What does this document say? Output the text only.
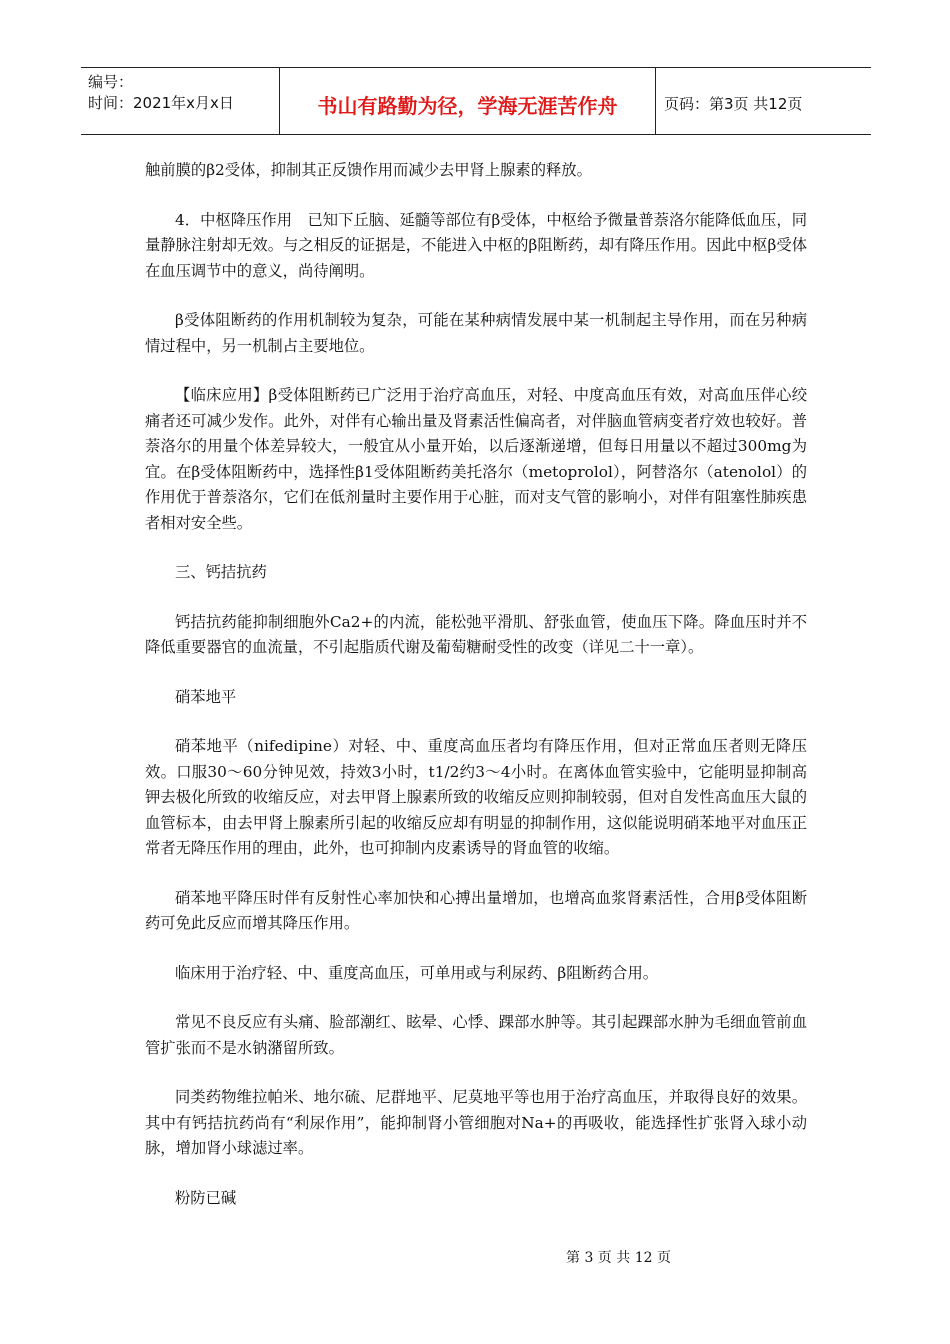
编号：
时间：2021年x月x日	书山有路勤为径，学海无涯苦作舟	页码：第3页 共12页

触前膜的β2受体，抑制其正反馈作用而减少去甲肾上腺素的释放。

4．中枢降压作用　已知下丘脑、延髓等部位有β受体，中枢给予微量普萘洛尔能降低血压，同量静脉注射却无效。与之相反的证据是，不能进入中枢的β阻断药，却有降压作用。因此中枢β受体在血压调节中的意义，尚待阐明。

β受体阻断药的作用机制较为复杂，可能在某种病情发展中某一机制起主导作用，而在另种病情过程中，另一机制占主要地位。

【临床应用】β受体阻断药已广泛用于治疗高血压，对轻、中度高血压有效，对高血压伴心绞痛者还可减少发作。此外，对伴有心输出量及肾素活性偏高者，对伴脑血管病变者疗效也较好。普萘洛尔的用量个体差异较大，一般宜从小量开始，以后逐渐递增，但每日用量以不超过300mg为宜。在β受体阻断药中，选择性β1受体阻断药美托洛尔（metoprolol），阿替洛尔（atenolol）的作用优于普萘洛尔，它们在低剂量时主要作用于心脏，而对支气管的影响小，对伴有阻塞性肺疾患者相对安全些。

三、钙拮抗药

钙拮抗药能抑制细胞外Ca2+的内流，能松弛平滑肌、舒张血管，使血压下降。降血压时并不降低重要器官的血流量，不引起脂质代谢及葡萄糖耐受性的改变（详见二十一章）。

硝苯地平

硝苯地平（nifedipine）对轻、中、重度高血压者均有降压作用，但对正常血压者则无降压效。口服30～60分钟见效，持效3小时，t1/2约3～4小时。在离体血管实验中，它能明显抑制高钾去极化所致的收缩反应，对去甲肾上腺素所致的收缩反应则抑制较弱，但对自发性高血压大鼠的血管标本，由去甲肾上腺素所引起的收缩反应却有明显的抑制作用，这似能说明硝苯地平对血压正常者无降压作用的理由，此外，也可抑制内皮素诱导的肾血管的收缩。

硝苯地平降压时伴有反射性心率加快和心搏出量增加，也增高血浆肾素活性，合用β受体阻断药可免此反应而增其降压作用。

临床用于治疗轻、中、重度高血压，可单用或与利尿药、β阻断药合用。

常见不良反应有头痛、脸部潮红、眩晕、心悸、踝部水肿等。其引起踝部水肿为毛细血管前血管扩张而不是水钠潴留所致。

同类药物维拉帕米、地尔硫、尼群地平、尼莫地平等也用于治疗高血压，并取得良好的效果。其中有钙拮抗药尚有“利尿作用”，能抑制肾小管细胞对Na+的再吸收，能选择性扩张肾入球小动脉，增加肾小球滤过率。

粉防已碱

第 3 页 共 12 页
